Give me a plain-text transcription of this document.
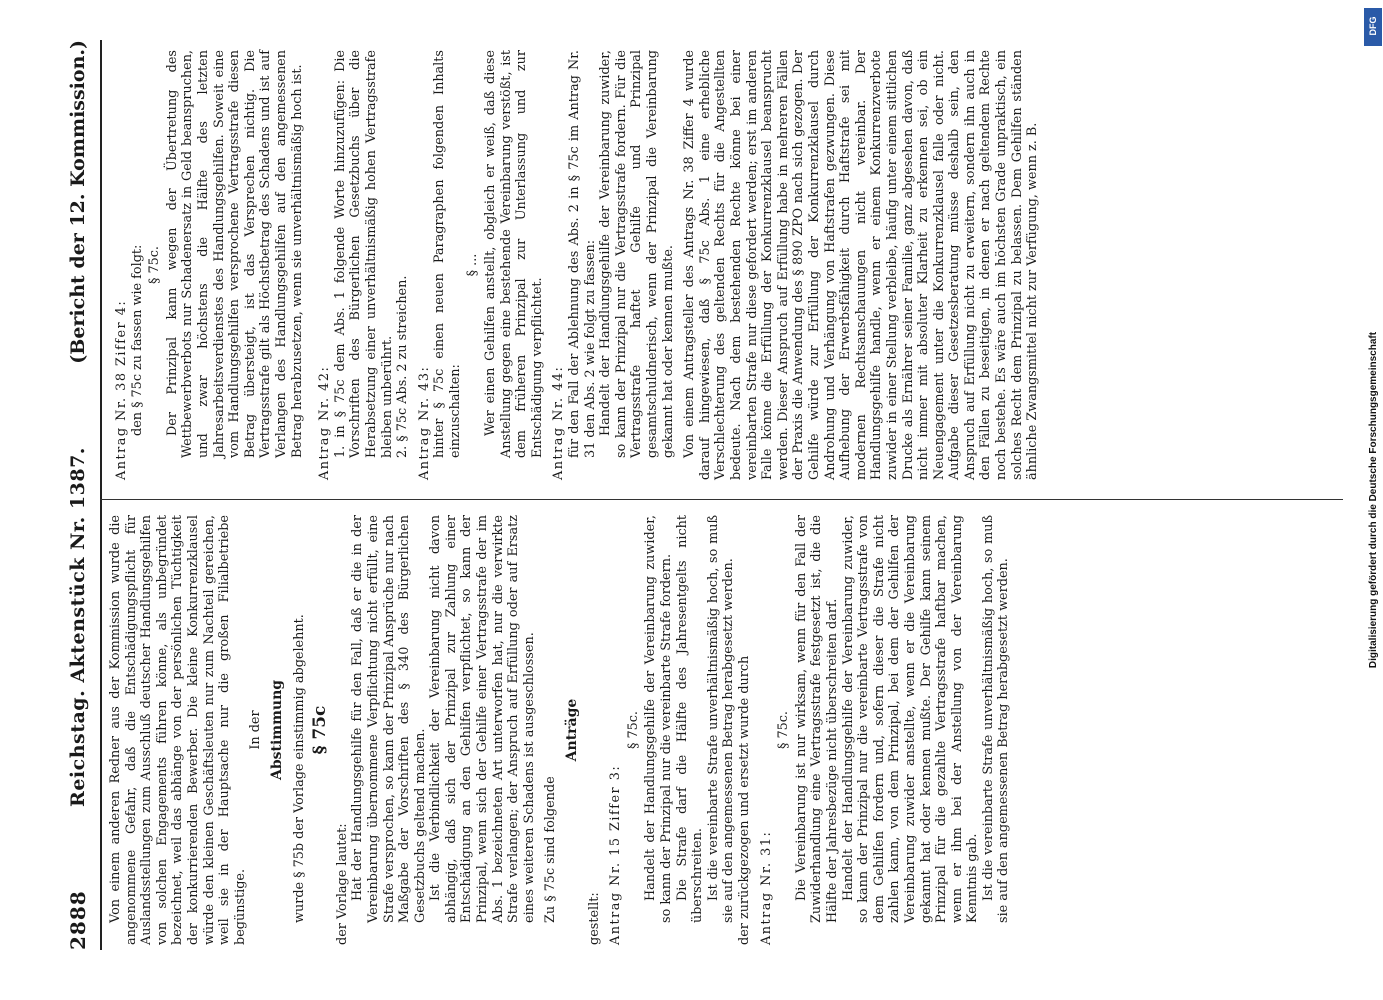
2888
Reichstag. Aktenstück Nr. 1387.
(Bericht der 12. Kommission.)

Von einem anderen Redner aus der Kommission wurde die angenommene Gefahr, daß die Entschädigungspflicht für Auslandsstellungen zum Ausschluß deutscher Handlungsgehilfen von solchen Engagements führen könne, als unbegründet bezeichnet, weil das abhänge von der persönlichen Tüchtigkeit der konkurrierenden Bewerber. Die kleine Konkurrenzklausel würde den kleinen Geschäftsleuten nur zum Nachteil gereichen, weil sie in der Hauptsache nur die großen Filialbetriebe begünstige.

In der Abstimmung wurde § 75b der Vorlage einstimmig abgelehnt. § 75c

der Vorlage lautet: Hat der Handlungsgehilfe für den Fall, daß er die in der Vereinbarung übernommene Verpflichtung nicht erfüllt, eine Strafe versprochen, so kann der Prinzipal Ansprüche nur nach Maßgabe der Vorschriften des § 340 des Bürgerlichen Gesetzbuchs geltend machen. Ist die Verbindlichkeit der Vereinbarung nicht davon abhängig, daß sich der Prinzipal zur Zahlung einer Entschädigung an den Gehilfen verpflichtet, so kann der Prinzipal, wenn sich der Gehilfe einer Vertragsstrafe der im Abs. 1 bezeichneten Art unterworfen hat, nur die verwirkte Strafe verlangen; der Anspruch auf Erfüllung oder auf Ersatz eines weiteren Schadens ist ausgeschlossen. Zu § 75c sind folgende

Anträge

gestellt: Antrag Nr. 15 Ziffer 3:

§ 75c. Handelt der Handlungsgehilfe der Vereinbarung zuwider, so kann der Prinzipal nur die vereinbarte Strafe fordern. Die Strafe darf die Hälfte des Jahresentgelts nicht überschreiten. Ist die vereinbarte Strafe unverhältnismäßig hoch, so muß sie auf den angemessenen Betrag herabgesetzt werden. der zurückgezogen und ersetzt wurde durch Antrag Nr. 31:

§ 75c. Die Vereinbarung ist nur wirksam, wenn für den Fall der Zuwiderhandlung eine Vertragsstrafe festgesetzt ist, die die Hälfte der Jahresbezüge nicht überschreiten darf. Handelt der Handlungsgehilfe der Vereinbarung zuwider, so kann der Prinzipal nur die vereinbarte Vertragsstrafe von dem Gehilfen fordern und, sofern dieser die Strafe nicht zahlen kann, von dem Prinzipal, bei dem der Gehilfen der Vereinbarung zuwider anstellte, wenn er die Vereinbarung gekannt hat oder kennen mußte. Der Gehilfe kann seinem Prinzipal für die gezahlte Vertragsstrafe haftbar machen, wenn er ihm bei der Anstellung von der Vereinbarung Kenntnis gab. Ist die vereinbarte Strafe unverhältnismäßig hoch, so muß sie auf den angemessenen Betrag herabgesetzt werden.

Antrag Nr. 38 Ziffer 4: den § 75c zu fassen wie folgt: § 75c. Der Prinzipal kann wegen der Übertretung des Wettbewerbverbots nur Schadenersatz in Geld beanspruchen, und zwar höchstens die Hälfte des letzten Jahresarbeitsverdienstes des Handlungsgehilfen. Soweit eine vom Handlungsgehilfen versprochene Vertragsstrafe diesen Betrag übersteigt, ist das Versprechen nichtig. Die Vertragsstrafe gilt als Höchstbetrag des Schadens und ist auf Verlangen des Handlungsgehilfen auf den angemessenen Betrag herabzusetzen, wenn sie unverhältnismäßig hoch ist. Antrag Nr. 42: 1. in § 75c dem Abs. 1 folgende Worte hinzuzufügen: Die Vorschriften des Bürgerlichen Gesetzbuchs über die Herabsetzung einer unverhältnismäßig hohen Vertragsstrafe bleiben unberührt. 2. § 75c Abs. 2 zu streichen. Antrag Nr. 43: hinter § 75c einen neuen Paragraphen folgenden Inhalts einzuschalten:

§ ... Wer einen Gehilfen anstellt, obgleich er weiß, daß diese Anstellung gegen eine bestehende Vereinbarung verstößt, ist dem früheren Prinzipal zur Unterlassung und zur Entschädigung verpflichtet. Antrag Nr. 44: für den Fall der Ablehnung des Abs. 2 in § 75c im Antrag Nr. 31 den Abs. 2 wie folgt zu fassen: Handelt der Handlungsgehilfe der Vereinbarung zuwider, so kann der Prinzipal nur die Vertragsstrafe fordern. Für die Vertragsstrafe haftet Gehilfe und Prinzipal gesamtschuldnerisch, wenn der Prinzipal die Vereinbarung gekannt hat oder kennen mußte. Von einem Antragsteller des Antrags Nr. 38 Ziffer 4 wurde darauf hingewiesen, daß § 75c Abs. 1 eine erhebliche Verschlechterung des geltenden Rechts für die Angestellten bedeute. Nach dem bestehenden Rechte könne bei einer vereinbarten Strafe nur diese gefordert werden; erst im anderen Falle könne die Erfüllung der Konkurrenzklausel beansprucht werden. Dieser Anspruch auf Erfüllung habe in mehreren Fällen der Praxis die Anwendung des § 890 ZPO nach sich gezogen. Der Gehilfe würde zur Erfüllung der Konkurrenzklausel durch Androhung und Verhängung von Haftstrafen gezwungen. Diese Aufhebung der Erwerbsfähigkeit durch Haftstrafe sei mit modernen Rechtsanschauungen nicht vereinbar. Der Handlungsgehilfe handle, wenn er einem Konkurrenzverbote zuwider in einer Stellung verbleibe, häufig unter einem sittlichen Drucke als Ernährer seiner Familie, ganz abgesehen davon, daß nicht immer mit absoluter Klarheit zu erkennen sei, ob ein Neuengagement unter die Konkurrenzklausel falle oder nicht. Aufgabe dieser Gesetzesberatung müsse deshalb sein, den Anspruch auf Erfüllung nicht zu erweitern, sondern ihn auch in den Fällen zu beseitigen, in denen er nach geltendem Rechte noch bestehe. Es wäre auch im höchsten Grade unpraktisch, ein solches Recht dem Prinzipal zu belassen. Dem Gehilfen ständen ähnliche Zwangsmittel nicht zur Verfügung, wenn z. B.

DFG
Digitalisierung gefördert durch die Deutsche Forschungsgemeinschaft
